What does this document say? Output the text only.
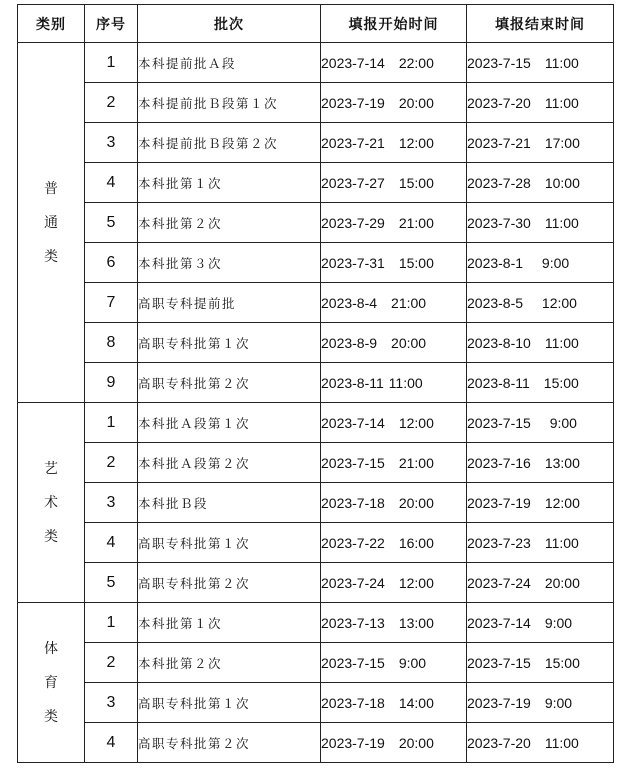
类别	序号	批次	填报开始时间	填报结束时间

普通类	1	本科提前批Ａ段	2023-7-14　22:00	2023-7-15　11:00
	2	本科提前批Ｂ段第１次	2023-7-19　20:00	2023-7-20　11:00
	3	本科提前批Ｂ段第２次	2023-7-21　12:00	2023-7-21　17:00
	4	本科批第１次	2023-7-27　15:00	2023-7-28　10:00
	5	本科批第２次	2023-7-29　21:00	2023-7-30　11:00
	6	本科批第３次	2023-7-31　15:00	2023-8-1　 9:00
	7	高职专科提前批	2023-8-4　21:00	2023-8-5　 12:00
	8	高职专科批第１次	2023-8-9　20:00	2023-8-10　11:00
	9	高职专科批第２次	2023-8-11 11:00	2023-8-11　15:00

艺术类	1	本科批Ａ段第１次	2023-7-14　12:00	2023-7-15　 9:00
	2	本科批Ａ段第２次	2023-7-15　21:00	2023-7-16　13:00
	3	本科批Ｂ段	2023-7-18　20:00	2023-7-19　12:00
	4	高职专科批第１次	2023-7-22　16:00	2023-7-23　11:00
	5	高职专科批第２次	2023-7-24　12:00	2023-7-24　20:00

体育类	1	本科批第１次	2023-7-13　13:00	2023-7-14　9:00
	2	本科批第２次	2023-7-15　9:00	2023-7-15　15:00
	3	高职专科批第１次	2023-7-18　14:00	2023-7-19　9:00
	4	高职专科批第２次	2023-7-19　20:00	2023-7-20　11:00
